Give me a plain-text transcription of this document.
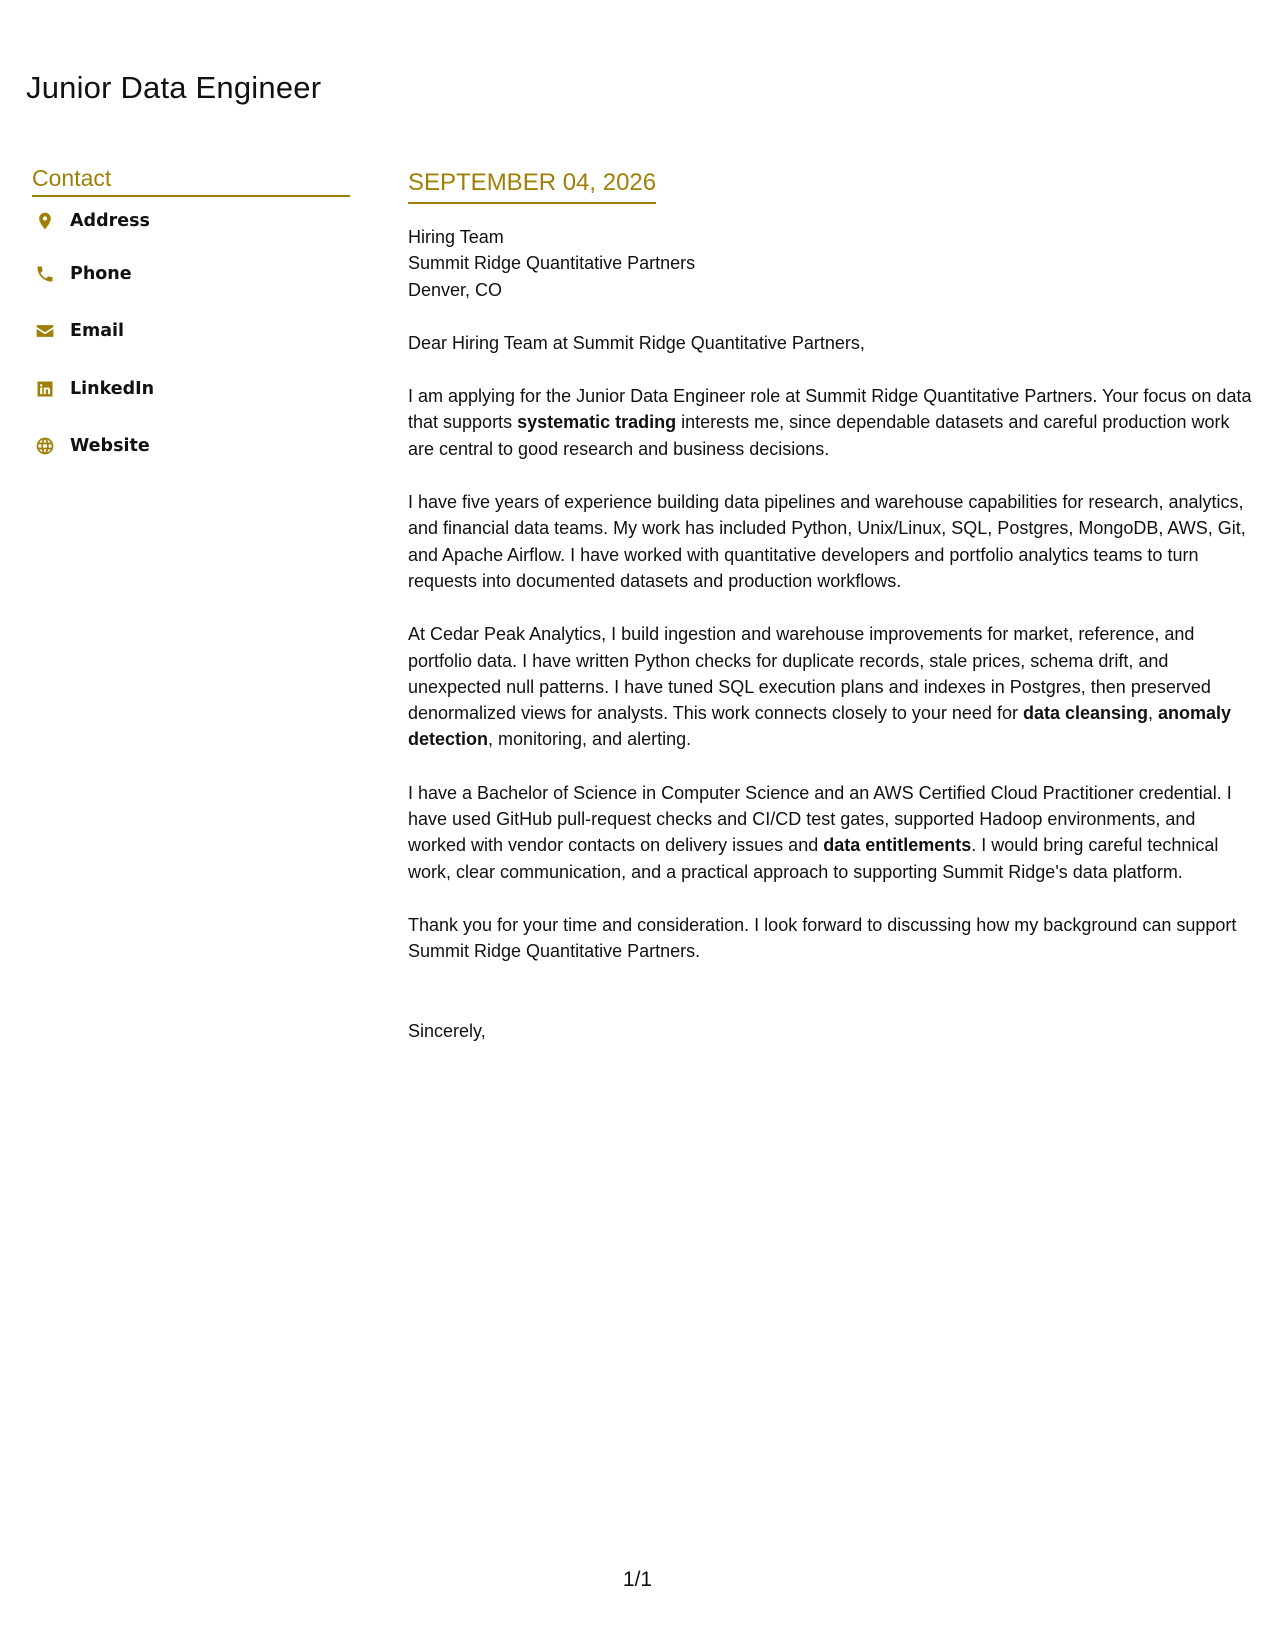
Junior Data Engineer
Contact
Address
Phone
Email
LinkedIn
Website
SEPTEMBER 04, 2026
Hiring Team
Summit Ridge Quantitative Partners
Denver, CO

Dear Hiring Team at Summit Ridge Quantitative Partners,

I am applying for the Junior Data Engineer role at Summit Ridge Quantitative Partners. Your focus on data that supports systematic trading interests me, since dependable datasets and careful production work are central to good research and business decisions.

I have five years of experience building data pipelines and warehouse capabilities for research, analytics, and financial data teams. My work has included Python, Unix/Linux, SQL, Postgres, MongoDB, AWS, Git, and Apache Airflow. I have worked with quantitative developers and portfolio analytics teams to turn requests into documented datasets and production workflows.

At Cedar Peak Analytics, I build ingestion and warehouse improvements for market, reference, and portfolio data. I have written Python checks for duplicate records, stale prices, schema drift, and unexpected null patterns. I have tuned SQL execution plans and indexes in Postgres, then preserved denormalized views for analysts. This work connects closely to your need for data cleansing, anomaly detection, monitoring, and alerting.

I have a Bachelor of Science in Computer Science and an AWS Certified Cloud Practitioner credential. I have used GitHub pull-request checks and CI/CD test gates, supported Hadoop environments, and worked with vendor contacts on delivery issues and data entitlements. I would bring careful technical work, clear communication, and a practical approach to supporting Summit Ridge's data platform.

Thank you for your time and consideration. I look forward to discussing how my background can support Summit Ridge Quantitative Partners.

Sincerely,
1/1
